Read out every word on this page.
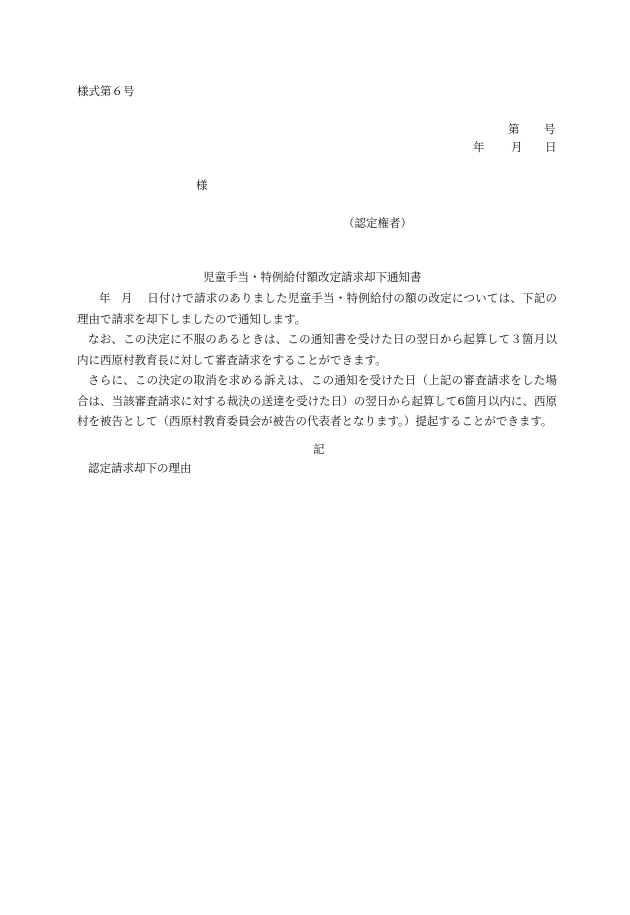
様式第６号
第 号
年 月 日
様
（認定権者）
児童手当・特例給付額改定請求却下通知書

年 月 日付けで請求のありました児童手当・特例給付の額の改定については、下記の理由で請求を却下しましたので通知します。

なお、この決定に不服のあるときは、この通知書を受けた日の翌日から起算して３箇月以内に西原村教育長に対して審査請求をすることができます。

さらに、この決定の取消を求める訴えは、この通知を受けた日（上記の審査請求をした場合は、当該審査請求に対する裁決の送達を受けた日）の翌日から起算して6箇月以内に、西原村を被告として（西原村教育委員会が被告の代表者となります。）提起することができます。

記
認定請求却下の理由
